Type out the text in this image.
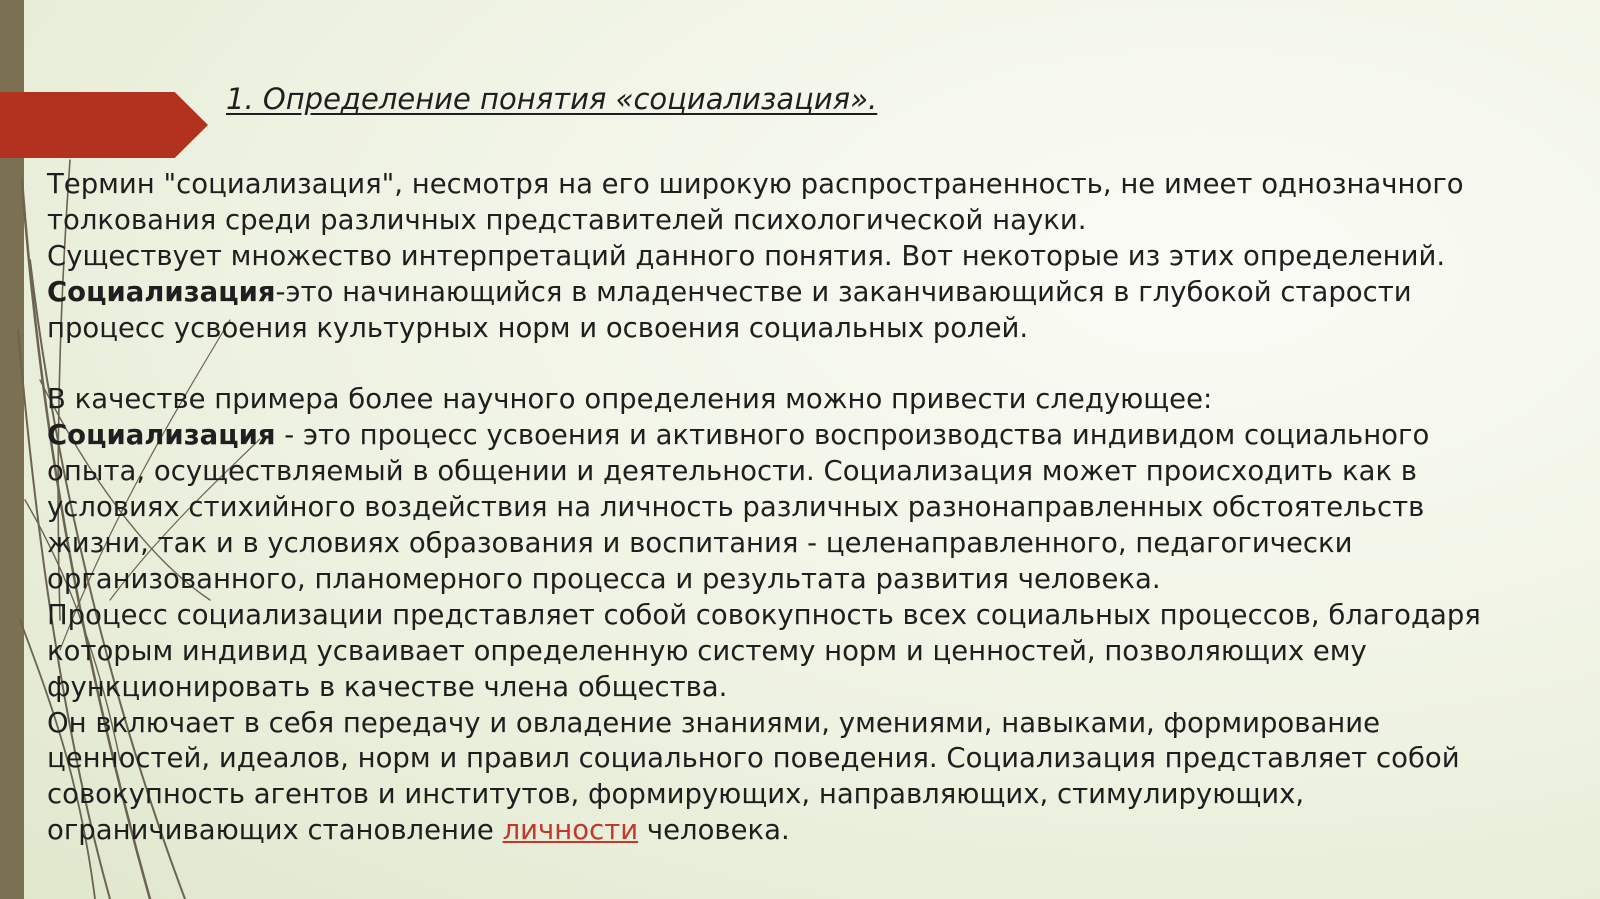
1. Определение понятия «социализация».

Термин "социализация", несмотря на его широкую распространенность, не имеет однозначного

толкования среди различных представителей психологической науки.

Существует множество интерпретаций данного понятия. Вот некоторые из этих определений.

Социализация-это начинающийся в младенчестве и заканчивающийся в глубокой старости

процесс усвоения культурных норм и освоения социальных ролей.

В качестве примера более научного определения можно привести следующее:

Социализация - это процесс усвоения и активного воспроизводства индивидом социального

опыта, осуществляемый в общении и деятельности. Социализация может происходить как в

условиях стихийного воздействия на личность различных разнонаправленных обстоятельств

жизни, так и в условиях образования и воспитания - целенаправленного, педагогически

организованного, планомерного процесса и результата развития человека.

Процесс социализации представляет собой совокупность всех социальных процессов, благодаря

которым индивид усваивает определенную систему норм и ценностей, позволяющих ему

функционировать в качестве члена общества.

Он включает в себя передачу и овладение знаниями, умениями, навыками, формирование

ценностей, идеалов, норм и правил социального поведения. Социализация представляет собой

совокупность агентов и институтов, формирующих, направляющих, стимулирующих,

ограничивающих становление личности человека.
